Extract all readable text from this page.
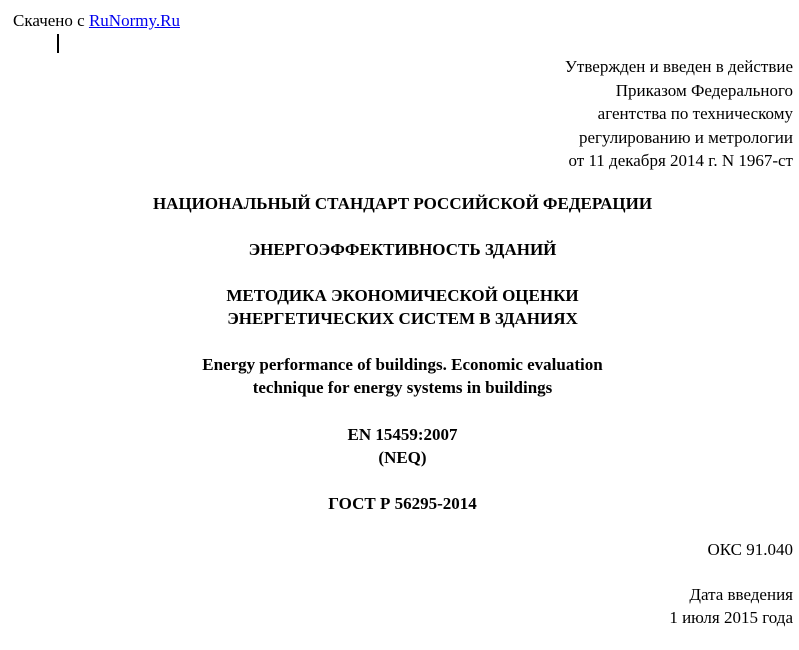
Скачено с RuNormy.Ru
Утвержден и введен в действие
Приказом Федерального
агентства по техническому
регулированию и метрологии
от 11 декабря 2014 г. N 1967-ст
НАЦИОНАЛЬНЫЙ СТАНДАРТ РОССИЙСКОЙ ФЕДЕРАЦИИ
ЭНЕРГОЭФФЕКТИВНОСТЬ ЗДАНИЙ
МЕТОДИКА ЭКОНОМИЧЕСКОЙ ОЦЕНКИ
ЭНЕРГЕТИЧЕСКИХ СИСТЕМ В ЗДАНИЯХ
Energy performance of buildings. Economic evaluation
technique for energy systems in buildings
EN 15459:2007
(NEQ)
ГОСТ Р 56295-2014
ОКС 91.040
Дата введения
1 июля 2015 года
